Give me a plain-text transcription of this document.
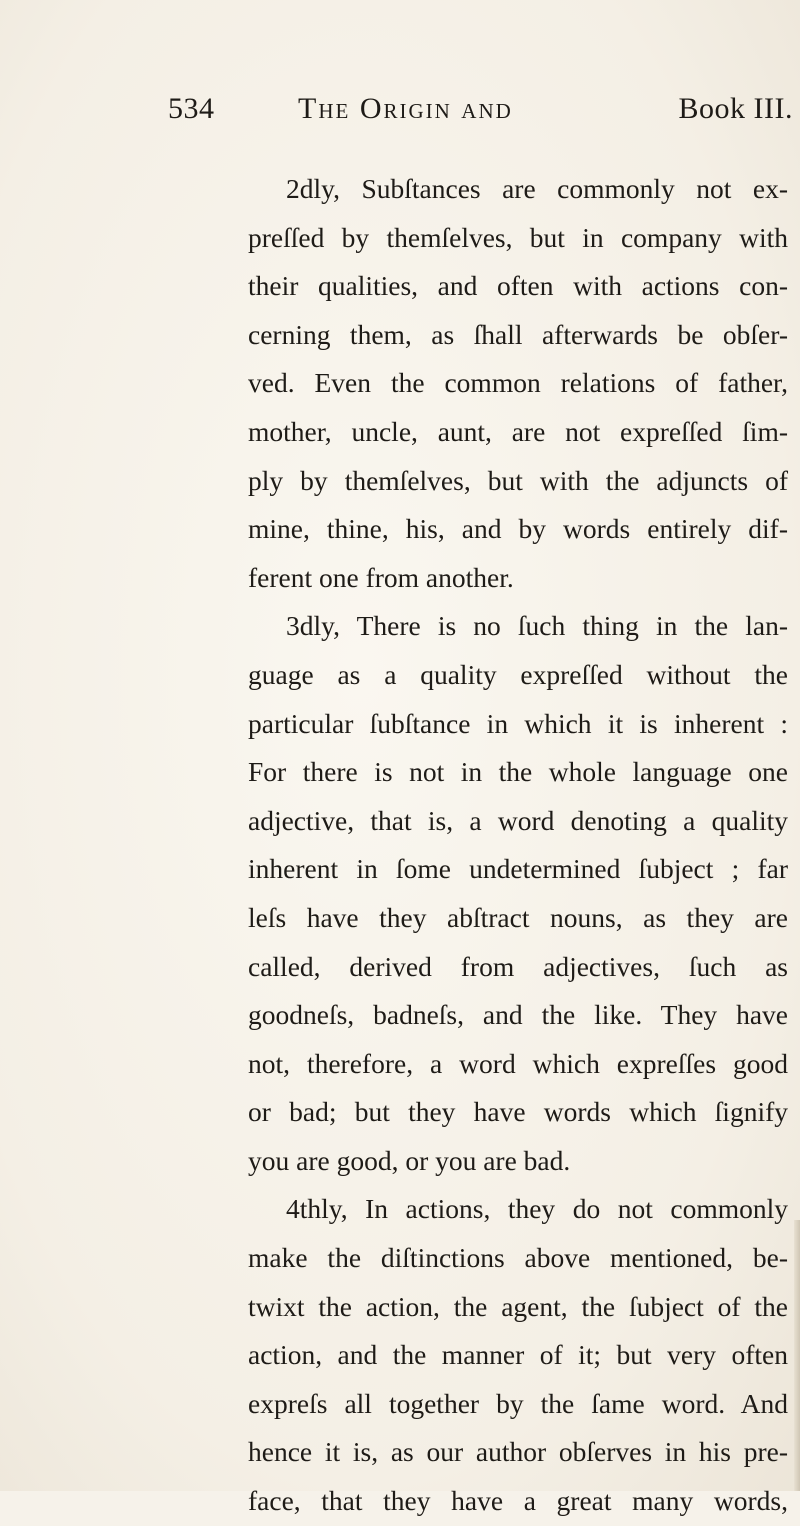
534	The Origin and	Book III.
2dly, Subſtances are commonly not ex-
preſſed by themſelves, but in company with
their qualities, and often with actions con-
cerning them, as ſhall afterwards be obſer-
ved. Even the common relations of father,
mother, uncle, aunt, are not expreſſed ſim-
ply by themſelves, but with the adjuncts of
mine, thine, his, and by words entirely dif-
ferent one from another.
3dly, There is no ſuch thing in the lan-
guage as a quality expreſſed without the
particular ſubſtance in which it is inherent :
For there is not in the whole language one
adjective, that is, a word denoting a quality
inherent in ſome undetermined ſubject ; far
leſs have they abſtract nouns, as they are
called, derived from adjectives, ſuch as
goodneſs, badneſs, and the like. They have
not, therefore, a word which expreſſes good
or bad; but they have words which ſignify
you are good, or you are bad.
4thly, In actions, they do not commonly
make the diſtinctions above mentioned, be-
twixt the action, the agent, the ſubject of the
action, and the manner of it; but very often
expreſs all together by the ſame word. And
hence it is, as our author obſerves in his pre-
face, that they have a great many words,
